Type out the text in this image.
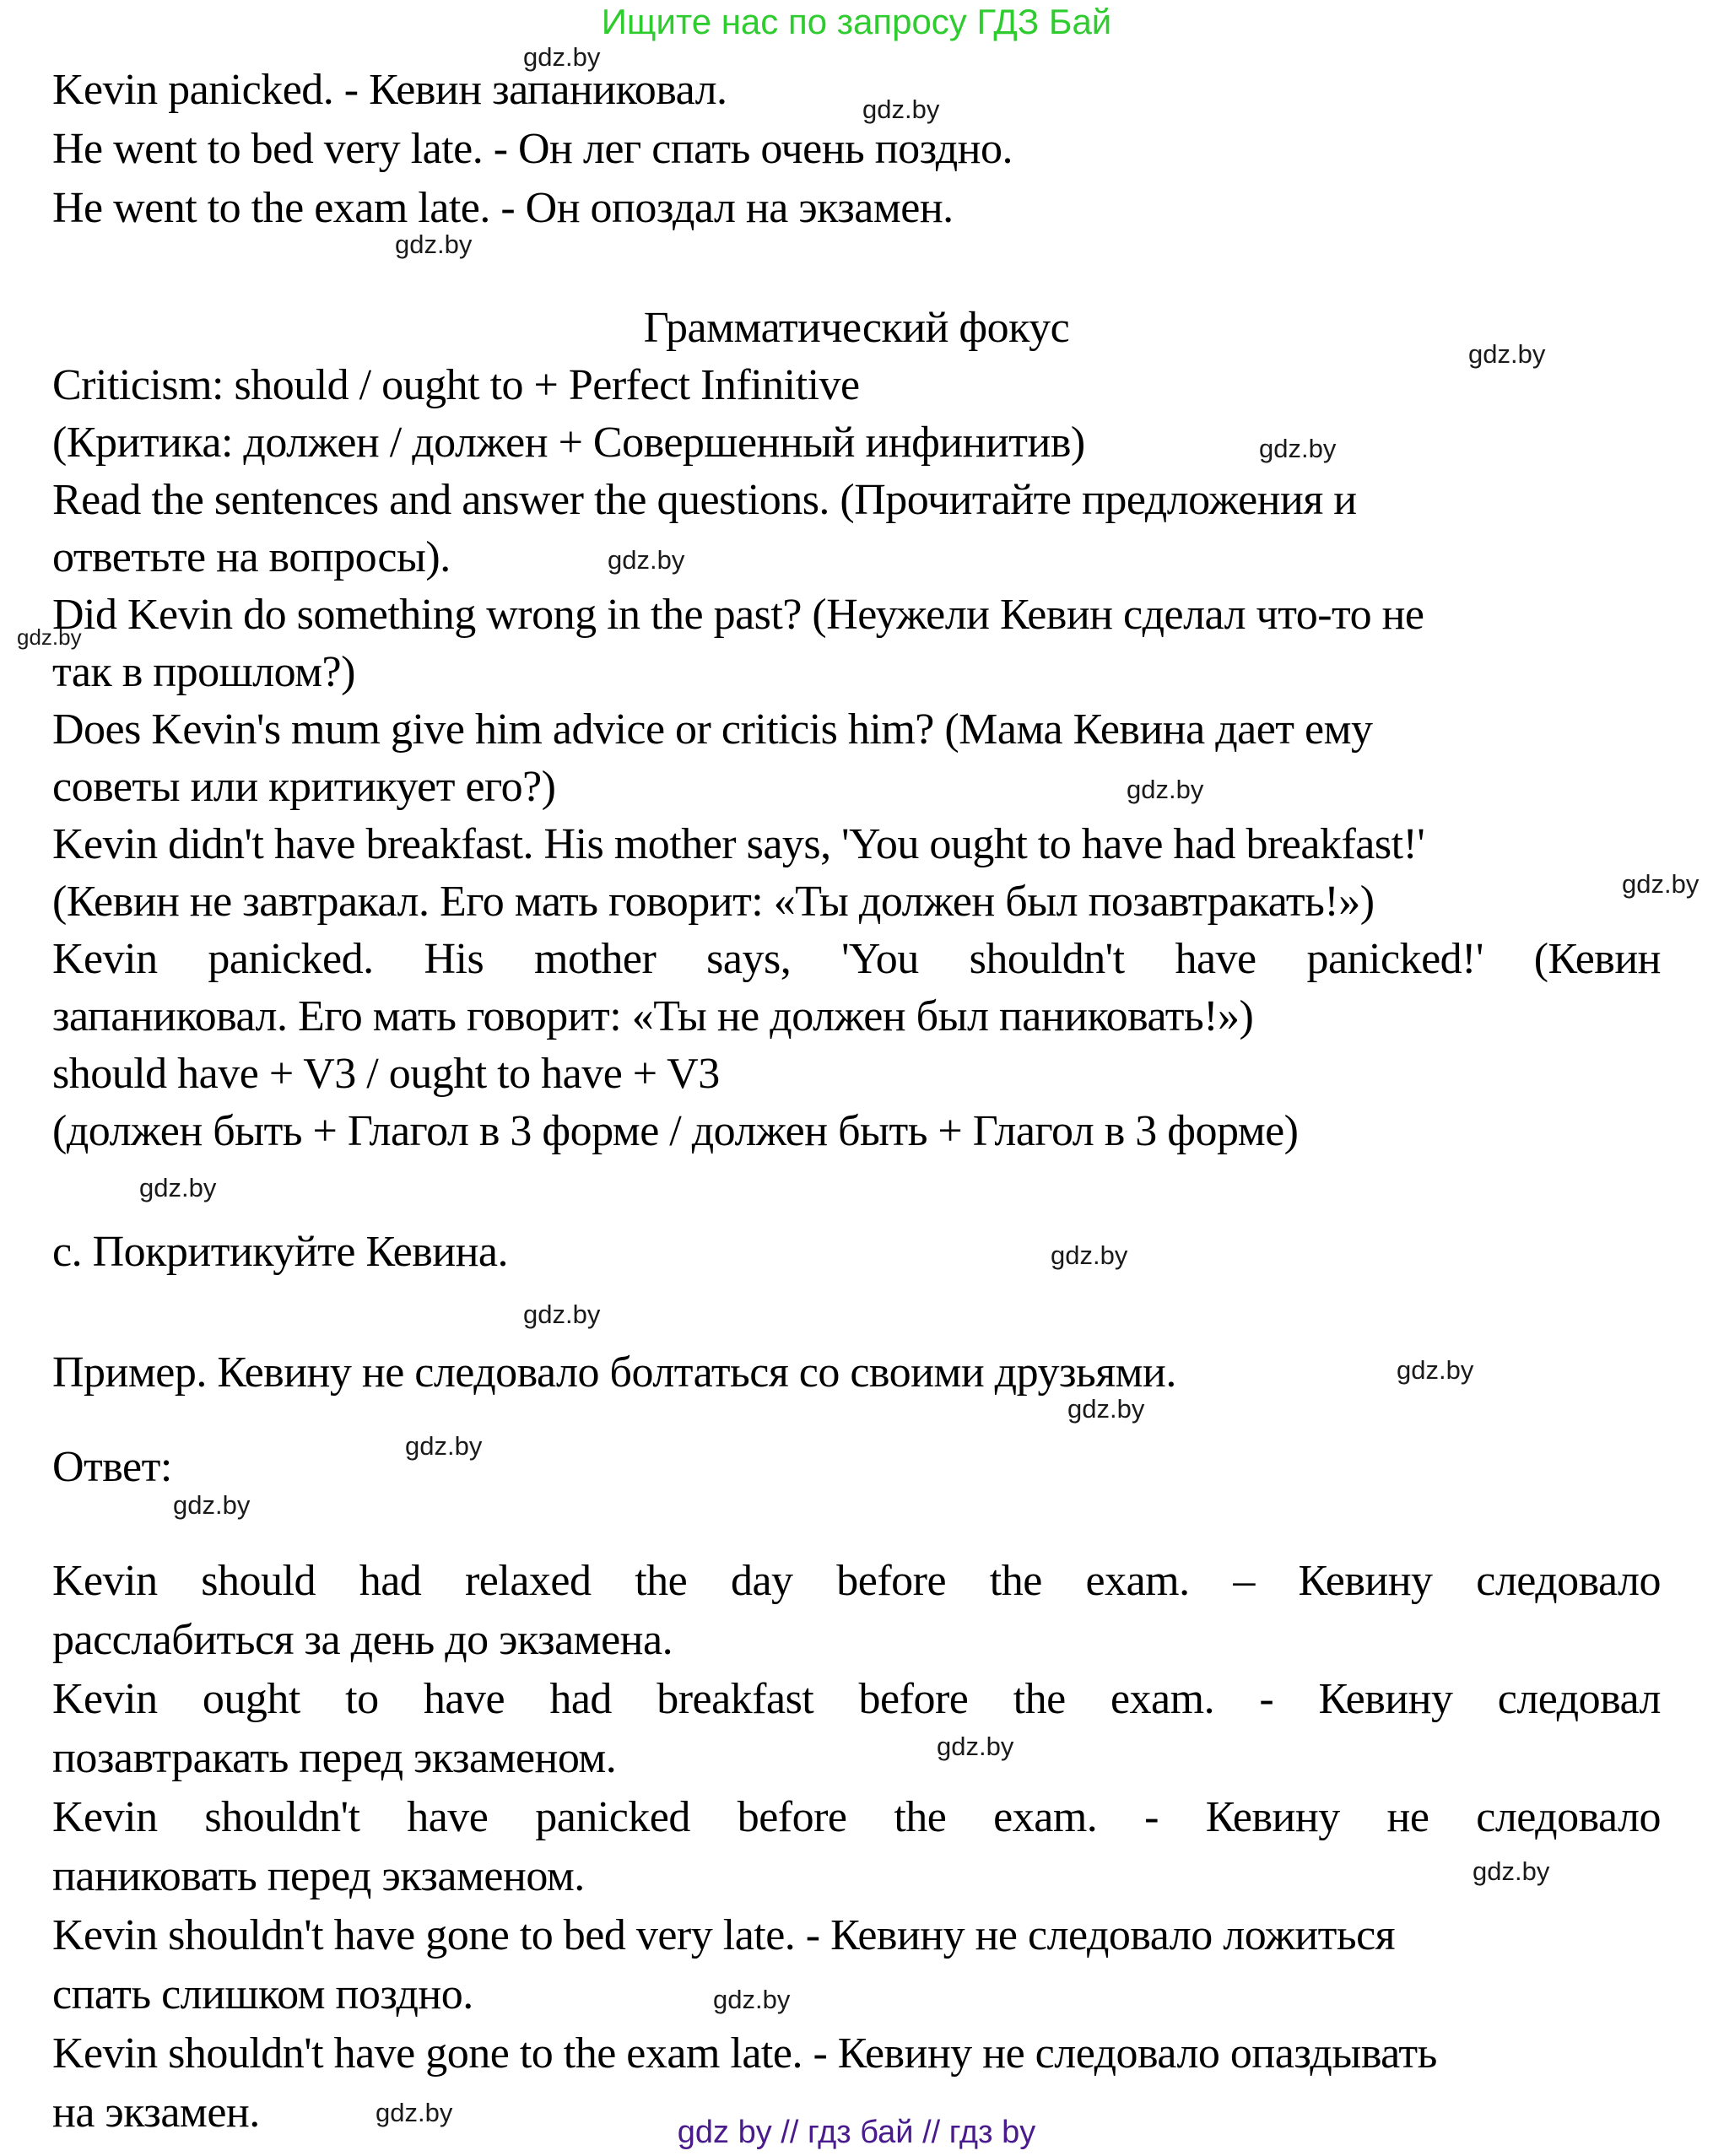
Ищите нас по запросу ГДЗ Бай
Kevin panicked. - Кевин запаниковал.
He went to bed very late. - Он лег спать очень поздно.
He went to the exam late. - Он опоздал на экзамен.
Грамматический фокус
Criticism: should / ought to + Perfect Infinitive
(Критика: должен / должен + Совершенный инфинитив)
Read the sentences and answer the questions. (Прочитайте предложения и
ответьте на вопросы).
Did Kevin do something wrong in the past? (Неужели Кевин сделал что-то не
так в прошлом?)
Does Kevin's mum give him advice or criticis him? (Мама Кевина дает ему
советы или критикует его?)
Kevin didn't have breakfast. His mother says, 'You ought to have had breakfast!'
(Кевин не завтракал. Его мать говорит: «Ты должен был позавтракать!»)
Kevin panicked. His mother says, 'You shouldn't have panicked!' (Кевин
запаниковал. Его мать говорит: «Ты не должен был паниковать!»)
should have + V3 / ought to have + V3
(должен быть + Глагол в 3 форме / должен быть + Глагол в 3 форме)
c. Покритикуйте Кевина.
Пример. Кевину не следовало болтаться со своими друзьями.
Ответ:
Kevin should had relaxed the day before the exam. – Кевину следовало
расслабиться за день до экзамена.
Kevin ought to have had breakfast before the exam. - Кевину следовал
позавтракать перед экзаменом.
Kevin shouldn't have panicked before the exam. - Кевину не следовало
паниковать перед экзаменом.
Kevin shouldn't have gone to bed very late. - Кевину не следовало ложиться
спать слишком поздно.
Kevin shouldn't have gone to the exam late. - Кевину не следовало опаздывать
на экзамен.
gdz.by
gdz.by
gdz.by
gdz.by
gdz.by
gdz.by
gdz.by
gdz.by
gdz.by
gdz.by
gdz.by
gdz.by
gdz.by
gdz.by
gdz.by
gdz.by
gdz.by
gdz.by
gdz.by
gdz.by
gdz by // гдз бай // гдз by
